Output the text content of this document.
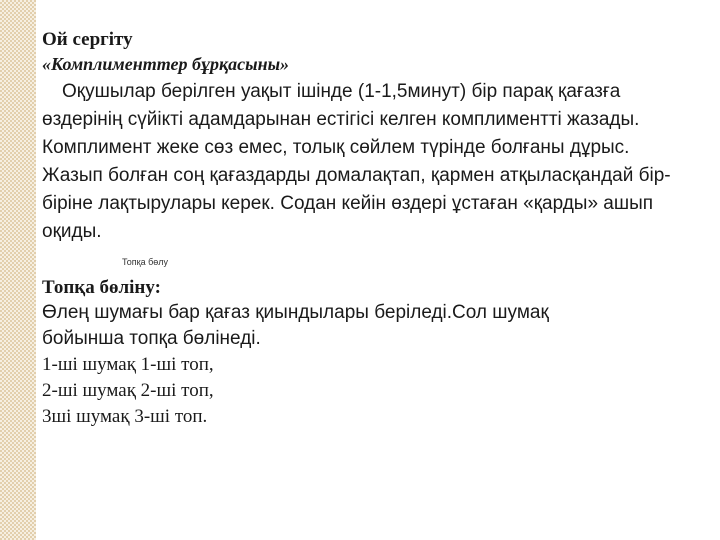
Ой сергіту

«Комплименттер бұрқасыны»

Оқушылар берілген уақыт ішінде (1-1,5минут) бір парақ қағазға өздерінің сүйікті адамдарынан естігісі келген комплиментті жазады. Комплимент жеке сөз емес, толық сөйлем түрінде болғаны дұрыс. Жазып болған соң қағаздарды домалақтап, қармен атқыласқандай бір-біріне лақтырулары керек. Содан кейін өздері ұстаған «қарды» ашып оқиды.

Топқа бөлу

Топқа бөліну:

Өлең шумағы бар қағаз қиындылары беріледі.Сол шумақ

бойынша топқа бөлінеді.

1-ші шумақ 1-ші топ,

2-ші шумақ 2-ші топ,

3ші шумақ 3-ші топ.
